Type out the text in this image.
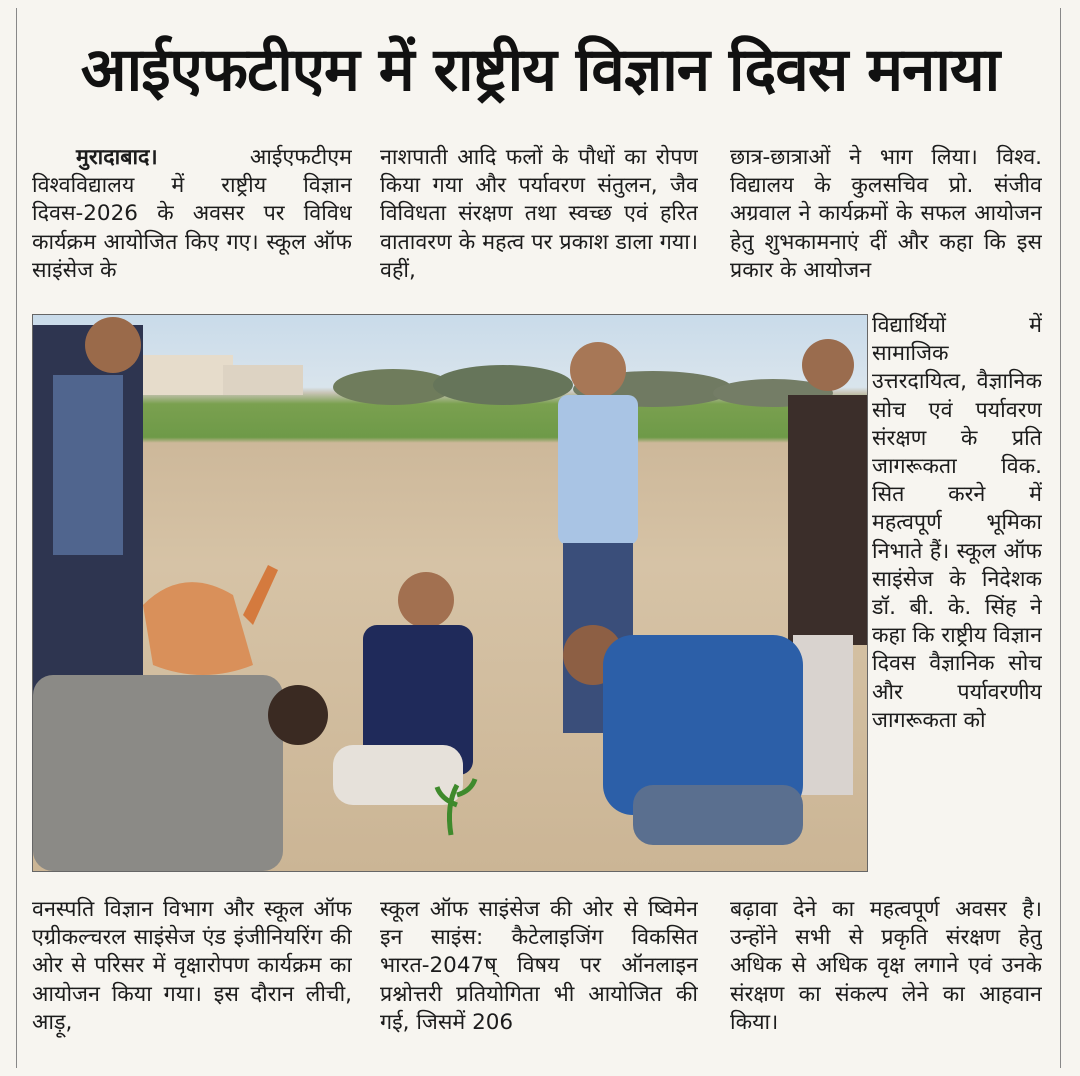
आईएफटीएम में राष्ट्रीय विज्ञान दिवस मनाया

मुरादाबाद।	आईएफटीएम विश्वविद्यालय में राष्ट्रीय विज्ञान दिवस-2026 के अवसर पर विविध कार्यक्रम आयोजित किए गए। स्कूल ऑफ साइंसेज के

नाशपाती आदि फलों के पौधों का रोपण किया गया और पर्यावरण संतुलन, जैव विविधता संरक्षण तथा स्वच्छ एवं हरित वातावरण के महत्व पर प्रकाश डाला गया। वहीं,

छात्र-छात्राओं ने भाग लिया। विश्व. विद्यालय के कुलसचिव प्रो. संजीव अग्रवाल ने कार्यक्रमों के सफल आयोजन हेतु शुभकामनाएं दीं और कहा कि इस प्रकार के आयोजन

विद्यार्थियों में सामाजिक उत्तरदायित्व, वैज्ञानिक सोच एवं पर्यावरण संरक्षण के प्रति जागरूकता विक. सित करने में महत्वपूर्ण भूमिका निभाते हैं। स्कूल ऑफ साइंसेज के निदेशक डॉ. बी. के. सिंह ने कहा कि राष्ट्रीय विज्ञान दिवस वैज्ञानिक सोच और पर्यावरणीय जागरूकता को

वनस्पति विज्ञान विभाग और स्कूल ऑफ एग्रीकल्चरल साइंसेज एंड इंजीनियरिंग की ओर से परिसर में वृक्षारोपण कार्यक्रम का आयोजन किया गया। इस दौरान लीची, आड़ू,

स्कूल ऑफ साइंसेज की ओर से ष्विमेन इन साइंस: कैटेलाइजिंग विकसित भारत-2047ष् विषय पर ऑनलाइन प्रश्नोत्तरी प्रतियोगिता भी आयोजित की गई, जिसमें 206

बढ़ावा देने का महत्वपूर्ण अवसर है। उन्होंने सभी से प्रकृति संरक्षण हेतु अधिक से अधिक वृक्ष लगाने एवं उनके संरक्षण का संकल्प लेने का आहवान किया।
